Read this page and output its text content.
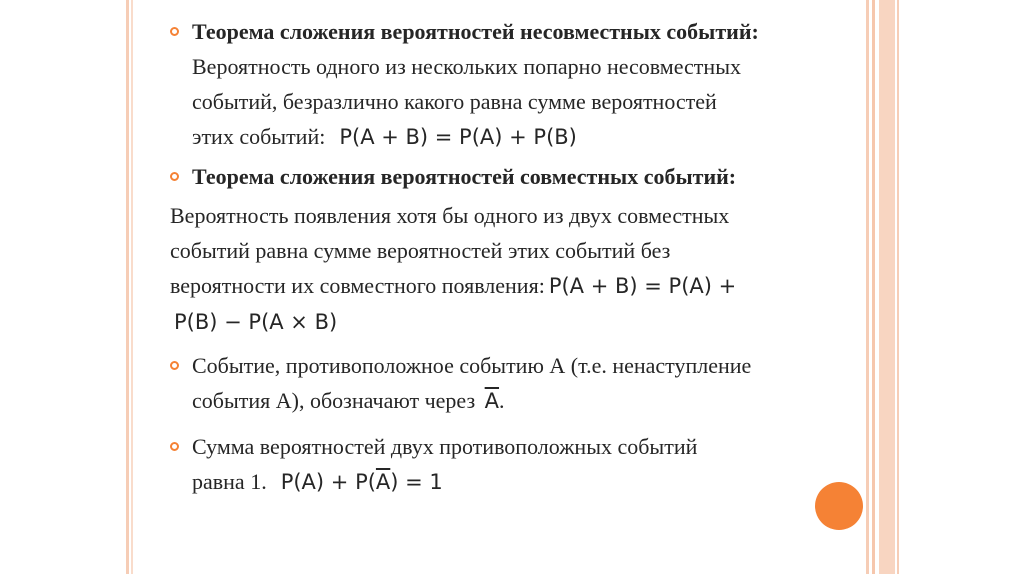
Теорема сложения вероятностей несовместных событий:
Вероятность одного из нескольких попарно несовместных
событий, безразлично какого равна сумме вероятностей
этих событий: P(A + B) = P(A) + P(B)
Теорема сложения вероятностей совместных событий:
Вероятность появления хотя бы одного из двух совместных
событий равна сумме вероятностей этих событий без
вероятности их совместного появления: P(A + B) = P(A) +
P(B) − P(A × B)
Событие, противоположное событию А (т.е. ненаступление
события А), обозначают через $\overline{A}$.
Сумма вероятностей двух противоположных событий
равна 1. $P(A) + P(\overline{A}) = 1$
